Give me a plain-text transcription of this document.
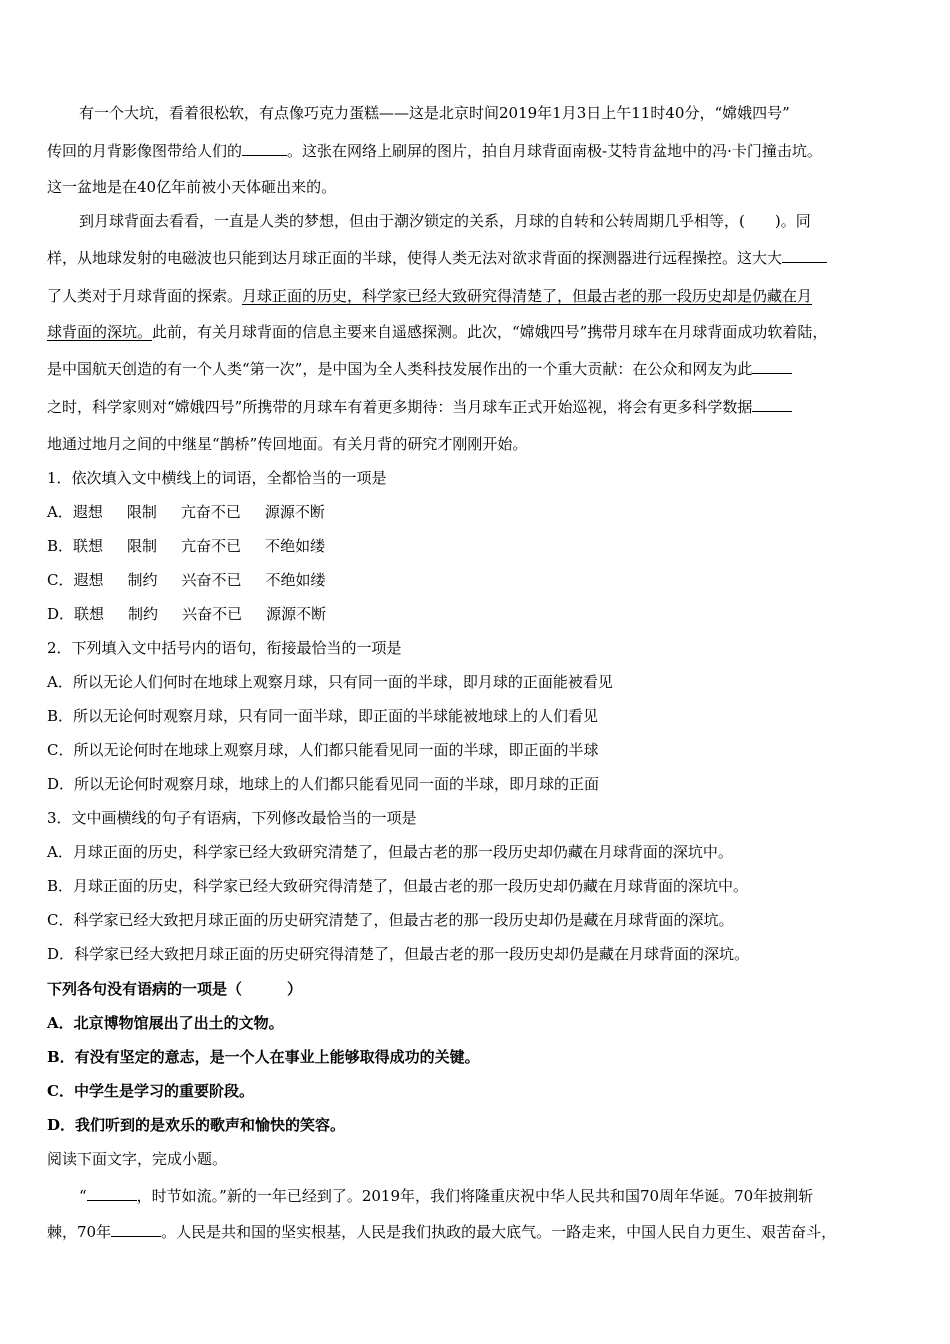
有一个大坑，看着很松软，有点像巧克力蛋糕——这是北京时间2019年1月3日上午11时40分，“嫦娥四号”
传回的月背影像图带给人们的	。这张在网络上刷屏的图片，拍自月球背面南极-艾特肯盆地中的冯·卡门撞击坑。
这一盆地是在40亿年前被小天体砸出来的。
到月球背面去看看，一直是人类的梦想，但由于潮汐锁定的关系，月球的自转和公转周期几乎相等，(　　)。同
样，从地球发射的电磁波也只能到达月球正面的半球，使得人类无法对欲求背面的探测器进行远程操控。这大大
了人类对于月球背面的探索。月球正面的历史，科学家已经大致研究得清楚了，但最古老的那一段历史却是仍藏在月
球背面的深坑。此前，有关月球背面的信息主要来自遥感探测。此次，“嫦娥四号”携带月球车在月球背面成功软着陆，
是中国航天创造的有一个人类“第一次”，是中国为全人类科技发展作出的一个重大贡献：在公众和网友为此
之时，科学家则对“嫦娥四号”所携带的月球车有着更多期待：当月球车正式开始巡视，将会有更多科学数据
地通过地月之间的中继星“鹊桥”传回地面。有关月背的研究才刚刚开始。
1．依次填入文中横线上的词语，全都恰当的一项是
A．遐想 限制 亢奋不已 源源不断
B．联想 限制 亢奋不已 不绝如缕
C．遐想 制约 兴奋不已 不绝如缕
D．联想 制约 兴奋不已 源源不断
2．下列填入文中括号内的语句，衔接最恰当的一项是
A．所以无论人们何时在地球上观察月球，只有同一面的半球，即月球的正面能被看见
B．所以无论何时观察月球，只有同一面半球，即正面的半球能被地球上的人们看见
C．所以无论何时在地球上观察月球，人们都只能看见同一面的半球，即正面的半球
D．所以无论何时观察月球，地球上的人们都只能看见同一面的半球，即月球的正面
3．文中画横线的句子有语病，下列修改最恰当的一项是
A．月球正面的历史，科学家已经大致研究清楚了，但最古老的那一段历史却仍藏在月球背面的深坑中。
B．月球正面的历史，科学家已经大致研究得清楚了，但最古老的那一段历史却仍藏在月球背面的深坑中。
C．科学家已经大致把月球正面的历史研究清楚了，但最古老的那一段历史却仍是藏在月球背面的深坑。
D．科学家已经大致把月球正面的历史研究得清楚了，但最古老的那一段历史却仍是藏在月球背面的深坑。
下列各句没有语病的一项是（　　　）
A．北京博物馆展出了出土的文物。
B．有没有坚定的意志，是一个人在事业上能够取得成功的关键。
C．中学生是学习的重要阶段。
D．我们听到的是欢乐的歌声和愉快的笑容。
阅读下面文字，完成小题。
“	，时节如流。”新的一年已经到了。2019年，我们将隆重庆祝中华人民共和国70周年华诞。70年披荆斩
棘，70年	。人民是共和国的坚实根基，人民是我们执政的最大底气。一路走来，中国人民自力更生、艰苦奋斗，
